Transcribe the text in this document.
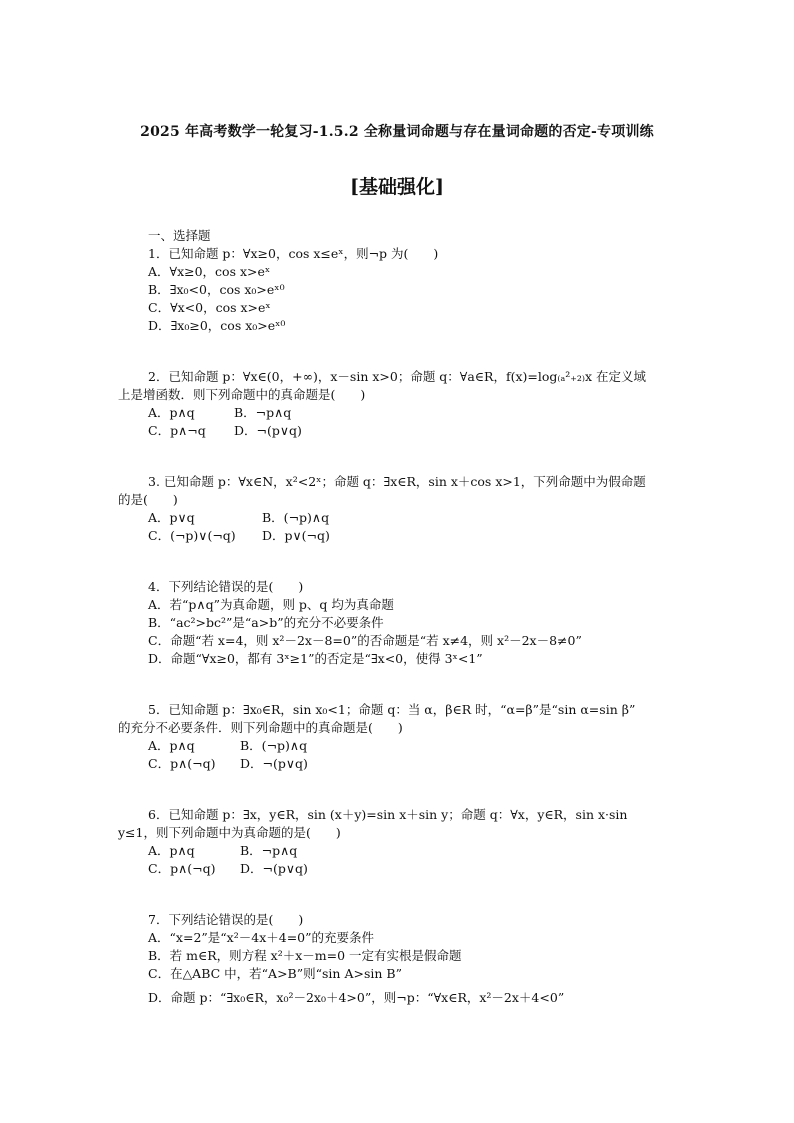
2025 年高考数学一轮复习-1.5.2 全称量词命题与存在量词命题的否定-专项训练
[基础强化]
一、选择题
1．已知命题 p：∀x≥0，cos x≤eˣ，则¬p 为(　　)
A．∀x≥0，cos x>eˣ
B．∃x₀<0，cos x₀>eˣ⁰
C．∀x<0，cos x>eˣ
D．∃x₀≥0，cos x₀>eˣ⁰
2．已知命题 p：∀x∈(0，+∞)，x－sin x>0；命题 q：∀a∈R，f(x)=log₍ₐ²₊₂₎x 在定义域
上是增函数．则下列命题中的真命题是(　　)
A．p∧q	B．¬p∧q
C．p∧¬q D．¬(p∨q)
3. 已知命题 p：∀x∈N，x²<2ˣ；命题 q：∃x∈R，sin x＋cos x>1，下列命题中为假命题
的是(　　)
A．p∨q	B．(¬p)∧q
C．(¬p)∨(¬q) D．p∨(¬q)
4．下列结论错误的是(　　)
A．若“p∧q”为真命题，则 p、q 均为真命题
B．“ac²>bc²”是“a>b”的充分不必要条件
C．命题“若 x=4，则 x²－2x－8=0”的否命题是“若 x≠4，则 x²－2x－8≠0”
D．命题“∀x≥0，都有 3ˣ≥1”的否定是“∃x<0，使得 3ˣ<1”
5．已知命题 p：∃x₀∈R，sin x₀<1；命题 q：当 α，β∈R 时，“α=β”是“sin α=sin β”
的充分不必要条件．则下列命题中的真命题是(　　)
A．p∧q	B．(¬p)∧q
C．p∧(¬q) D．¬(p∨q)
6．已知命题 p：∃x，y∈R，sin (x＋y)=sin x＋sin y；命题 q：∀x，y∈R，sin x·sin
y≤1，则下列命题中为真命题的是(　　)
A．p∧q	B．¬p∧q
C．p∧(¬q) D．¬(p∨q)
7．下列结论错误的是(　　)
A．“x=2”是“x²－4x＋4=0”的充要条件
B．若 m∈R，则方程 x²＋x－m=0 一定有实根是假命题
C．在△ABC 中，若“A>B”则“sin A>sin B”
D．命题 p：“∃x₀∈R，x₀²－2x₀＋4>0”，则¬p：“∀x∈R，x²－2x＋4<0”
